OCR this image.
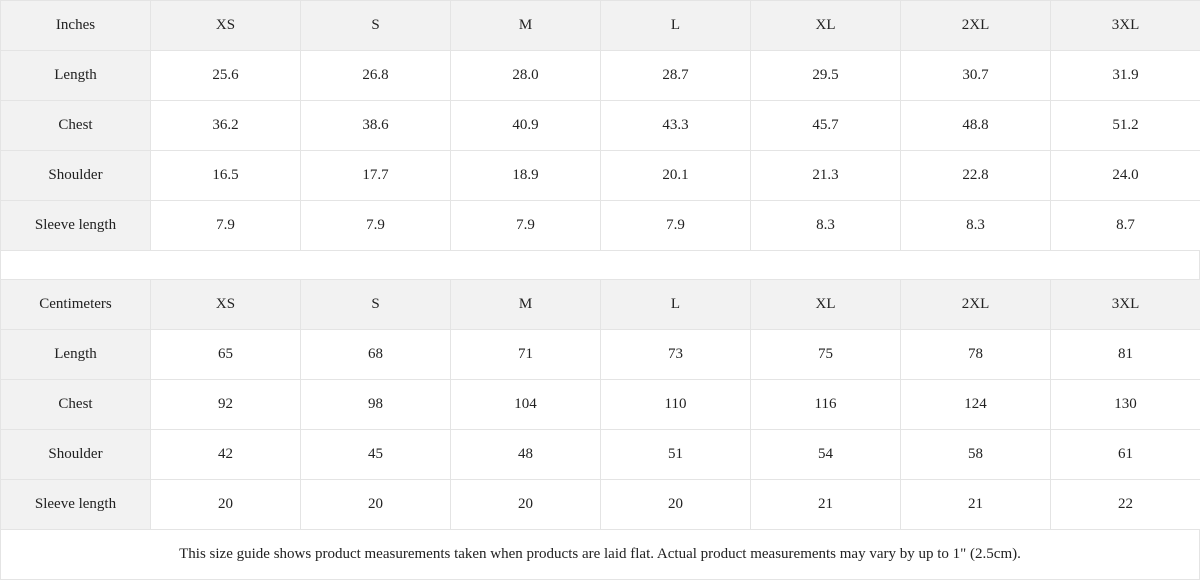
Inches	XS	S	M	L	XL	2XL	3XL
Length	25.6	26.8	28.0	28.7	29.5	30.7	31.9
Chest	36.2	38.6	40.9	43.3	45.7	48.8	51.2
Shoulder	16.5	17.7	18.9	20.1	21.3	22.8	24.0
Sleeve length	7.9	7.9	7.9	7.9	8.3	8.3	8.7
Centimeters	XS	S	M	L	XL	2XL	3XL
Length	65	68	71	73	75	78	81
Chest	92	98	104	110	116	124	130
Shoulder	42	45	48	51	54	58	61
Sleeve length	20	20	20	20	21	21	22
This size guide shows product measurements taken when products are laid flat. Actual product measurements may vary by up to 1" (2.5cm).
